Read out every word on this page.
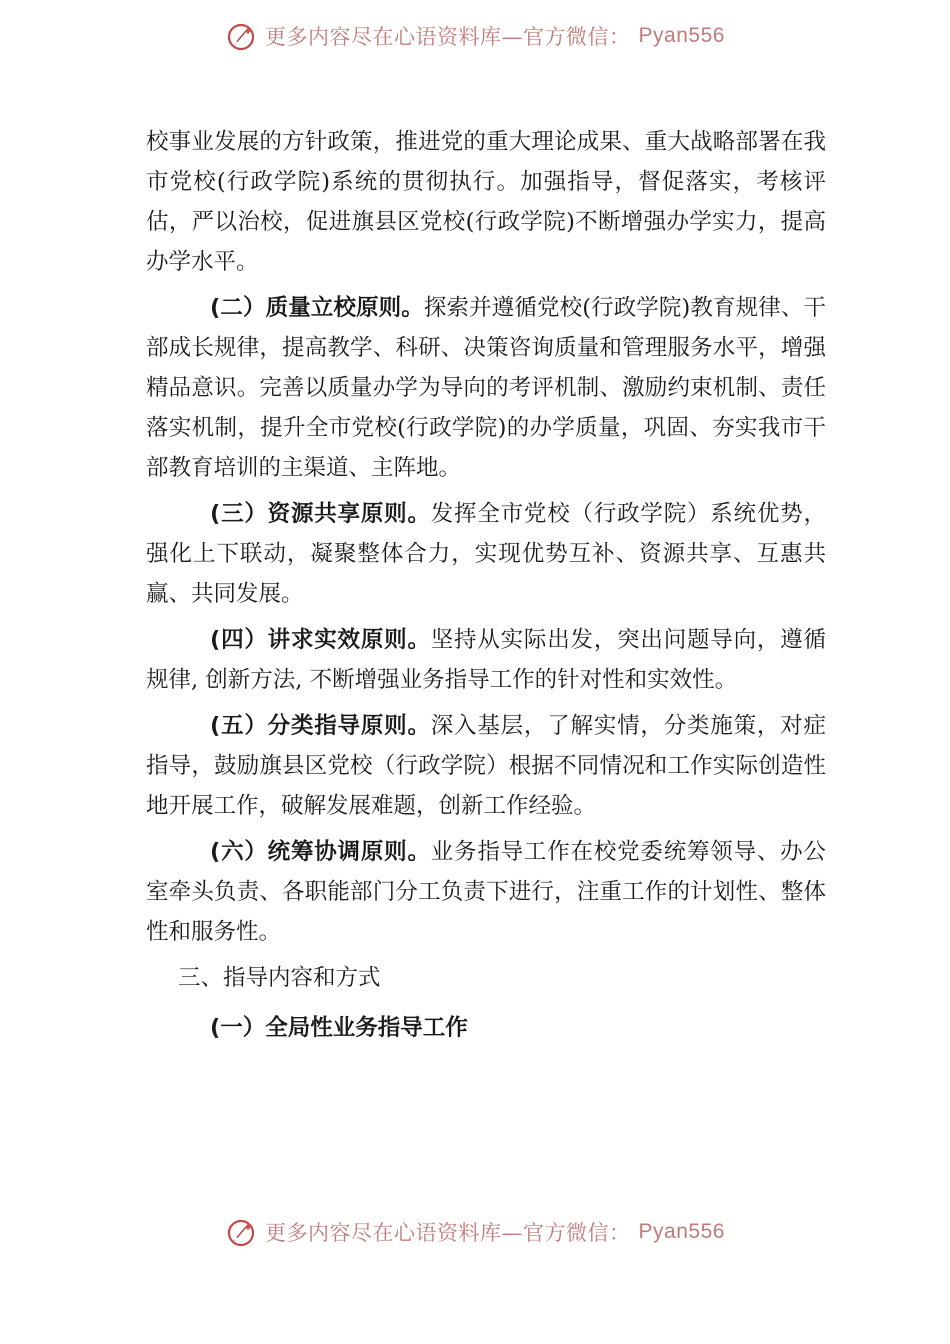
更多内容尽在心语资料库—官方微信： Pyan556

校事业发展的方针政策，推进党的重大理论成果、重大战略部署在我市党校(行政学院)系统的贯彻执行。加强指导，督促落实，考核评估，严以治校，促进旗县区党校(行政学院)不断增强办学实力，提高办学水平。

(二）质量立校原则。探索并遵循党校(行政学院)教育规律、干部成长规律，提高教学、科研、决策咨询质量和管理服务水平，增强精品意识。完善以质量办学为导向的考评机制、激励约束机制、责任落实机制，提升全市党校(行政学院)的办学质量，巩固、夯实我市干部教育培训的主渠道、主阵地。

(三）资源共享原则。发挥全市党校（行政学院）系统优势，强化上下联动，凝聚整体合力，实现优势互补、资源共享、互惠共赢、共同发展。

(四）讲求实效原则。坚持从实际出发，突出问题导向，遵循规律, 创新方法, 不断增强业务指导工作的针对性和实效性。

(五）分类指导原则。深入基层，了解实情，分类施策，对症指导，鼓励旗县区党校（行政学院）根据不同情况和工作实际创造性地开展工作，破解发展难题，创新工作经验。

(六）统筹协调原则。业务指导工作在校党委统筹领导、办公室牵头负责、各职能部门分工负责下进行，注重工作的计划性、整体性和服务性。

三、指导内容和方式

(一）全局性业务指导工作

更多内容尽在心语资料库—官方微信： Pyan556
